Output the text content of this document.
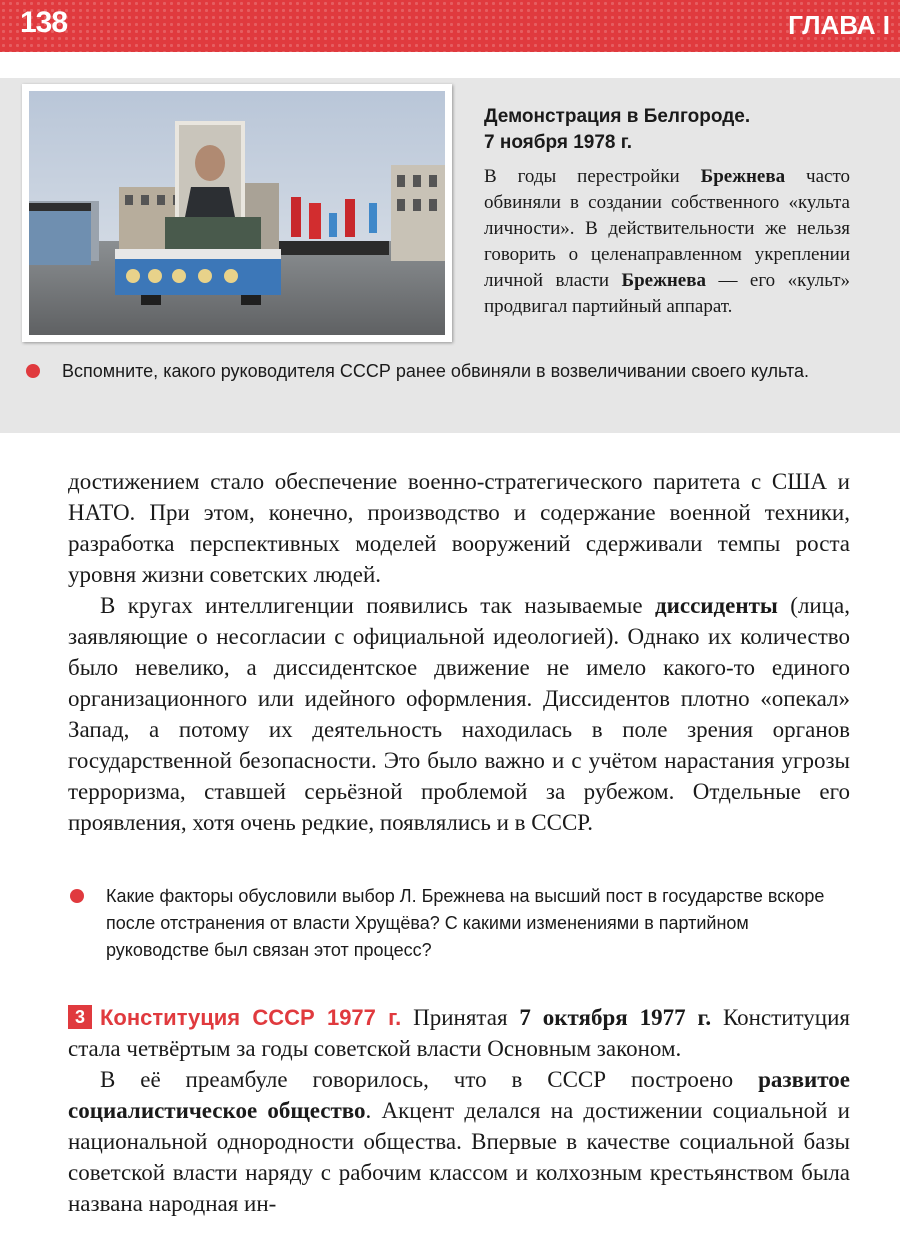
138	ГЛАВА I
Демонстрация в Белгороде.
7 ноября 1978 г.
В годы перестройки Брежнева часто обвиняли в создании собственного «культа личности». В действительности же нельзя говорить о целенаправленном укреплении личной власти Брежнева — его «культ» продвигал партийный аппарат.
Вспомните, какого руководителя СССР ранее обвиняли в возвеличивании своего культа.

достижением стало обеспечение военно-стратегического паритета с США и НАТО. При этом, конечно, производство и содержание военной техники, разработка перспективных моделей вооружений сдерживали темпы роста уровня жизни советских людей.

В кругах интеллигенции появились так называемые диссиденты (лица, заявляющие о несогласии с официальной идеологией). Однако их количество было невелико, а диссидентское движение не имело какого-то единого организационного или идейного оформления. Диссидентов плотно «опекал» Запад, а потому их деятельность находилась в поле зрения органов государственной безопасности. Это было важно и с учётом нарастания угрозы терроризма, ставшей серьёзной проблемой за рубежом. Отдельные его проявления, хотя очень редкие, появлялись и в СССР.

Какие факторы обусловили выбор Л. Брежнева на высший пост в государстве вскоре после отстранения от власти Хрущёва? С какими изменениями в партийном руководстве был связан этот процесс?

3 Конституция СССР 1977 г. Принятая 7 октября 1977 г. Конституция стала четвёртым за годы советской власти Основным законом.

В её преамбуле говорилось, что в СССР построено развитое социалистическое общество. Акцент делался на достижении социальной и национальной однородности общества. Впервые в качестве социальной базы советской власти наряду с рабочим классом и колхозным крестьянством была названа народная ин-
